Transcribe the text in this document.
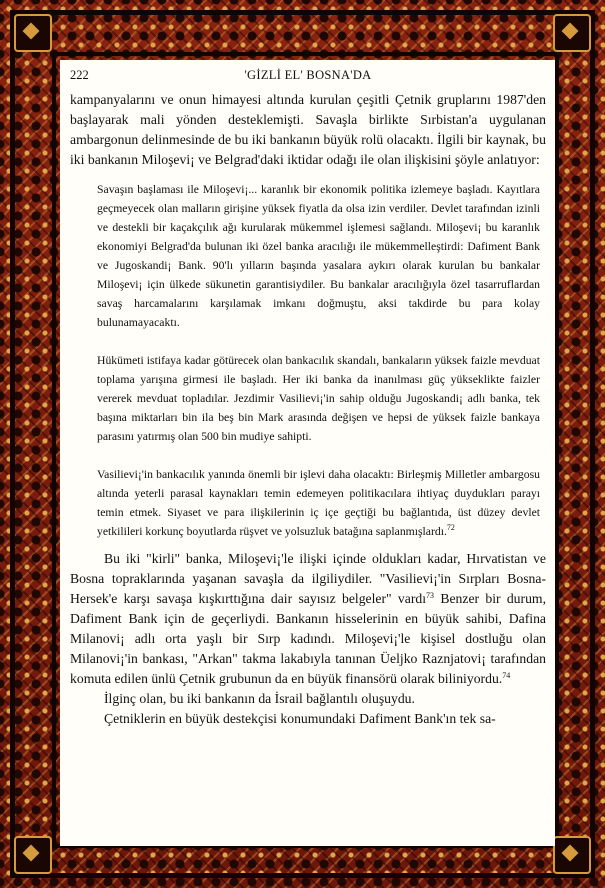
222	'GİZLİ EL' BOSNA'DA

kampanyalarını ve onun himayesi altında kurulan çeşitli Çetnik gruplarını 1987'den başlayarak mali yönden desteklemişti. Savaşla birlikte Sırbistan'a uygulanan ambargonun delinmesinde de bu iki bankanın büyük rolü olacaktı. İlgili bir kaynak, bu iki bankanın Miloşevi¡ ve Belgrad'daki iktidar odağı ile olan ilişkisini şöyle anlatıyor:

Savaşın başlaması ile Miloşevi¡... karanlık bir ekonomik politika izlemeye başladı. Kayıtlara geçmeyecek olan malların girişine yüksek fiyatla da olsa izin verdiler. Devlet tarafından izinli ve destekli bir kaçakçılık ağı kurularak mükemmel işlemesi sağlandı. Miloşevi¡ bu karanlık ekonomiyi Belgrad'da bulunan iki özel banka aracılığı ile mükemmelleştirdi: Dafiment Bank ve Jugoskandi¡ Bank. 90'lı yılların başında yasalara aykırı olarak kurulan bu bankalar Miloşevi¡ için ülkede sükunetin garantisiydiler. Bu bankalar aracılığıyla özel tasarruflardan savaş harcamalarını karşılamak imkanı doğmuştu, aksi takdirde bu para kolay bulunamayacaktı.

Hükümeti istifaya kadar götürecek olan bankacılık skandalı, bankaların yüksek faizle mevduat toplama yarışına girmesi ile başladı. Her iki banka da inanılması güç yükseklikte faizler vererek mevduat topladılar. Jezdimir Vasilievi¡'in sahip olduğu Jugoskandi¡ adlı banka, tek başına miktarları bin ila beş bin Mark arasında değişen ve hepsi de yüksek faizle bankaya parasını yatırmış olan 500 bin mudiye sahipti.

Vasilievi¡'in bankacılık yanında önemli bir işlevi daha olacaktı: Birleşmiş Milletler ambargosu altında yeterli parasal kaynakları temin edemeyen politikacılara ihtiyaç duydukları parayı temin etmek. Siyaset ve para ilişkilerinin iç içe geçtiği bu bağlantıda, üst düzey devlet yetkilileri korkunç boyutlarda rüşvet ve yolsuzluk batağına saplanmışlardı.$^{72}$

Bu iki "kirli" banka, Miloşevi¡'le ilişki içinde oldukları kadar, Hırvatistan ve Bosna topraklarında yaşanan savaşla da ilgiliydiler. "Vasilievi¡'in Sırpları Bosna-Hersek'e karşı savaşa kışkırttığına dair sayısız belgeler" vardı$^{73}$ Benzer bir durum, Dafiment Bank için de geçerliydi. Bankanın hisselerinin en büyük sahibi, Dafina Milanovi¡ adlı orta yaşlı bir Sırp kadındı. Miloşevi¡'le kişisel dostluğu olan Milanovi¡'in bankası, "Arkan" takma lakabıyla tanınan Üeljko Raznjatovi¡ tarafından komuta edilen ünlü Çetnik grubunun da en büyük finansörü olarak biliniyordu.$^{74}$

İlginç olan, bu iki bankanın da İsrail bağlantılı oluşuydu.

Çetniklerin en büyük destekçisi konumundaki Dafiment Bank'ın tek sa-
